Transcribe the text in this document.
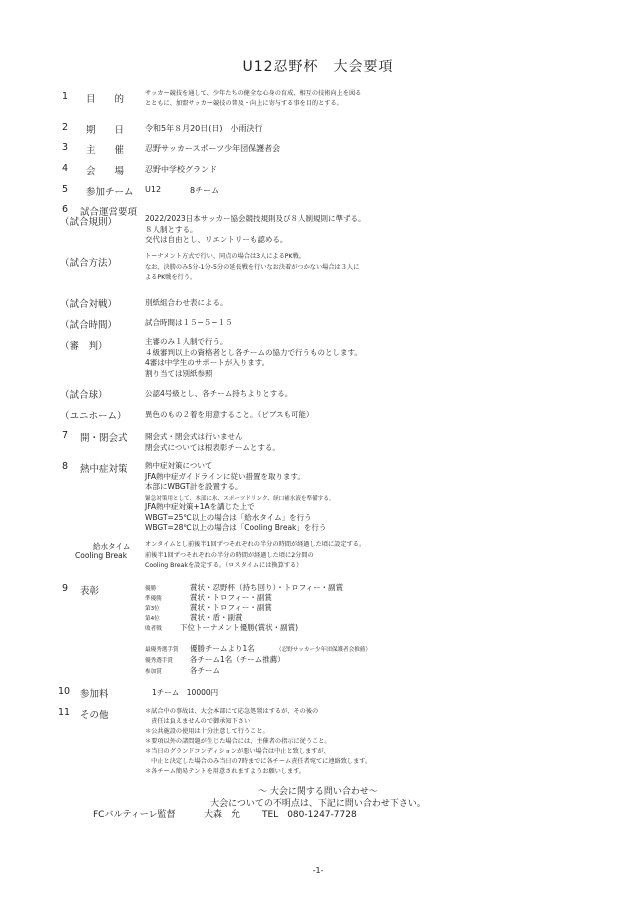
U12忍野杯　大会要項
1 目　　的
サッカー競技を通して、少年たちの健全な心身の育成、相互の技術向上を図る
とともに、加盟サッカー競技の普及・向上に寄与する事を目的とする。
2 期　　日	令和5年８月20日(日)　小雨決行
3 主　　催	忍野サッカースポーツ少年団保護者会
4 会　　場	忍野中学校グランド
5 参加チーム U12	8チーム
6 試合運営要項
（試合規則）	2022/2023日本サッカー協会競技規則及び８人制規則に準ずる。
８人制とする。
交代は自由とし、リエントリーも認める。
（試合方法）
トーナメント方式で行い、同点の場合は3人によるPK戦。
なお、決勝のみ5分-1分-5分の延長戦を行いなお決着がつかない場合は３人に
よるPK戦を行う。
（試合対戦）	別紙組合わせ表による。
（試合時間）	試合時間は１５−５−１５
（審　判）	主審のみ１人制で行う。
４級審判以上の資格者とし各チームの協力で行うものとします。
4審は中学生のサポートが入ります。
割り当ては別紙参照
（試合球）	公認4号級とし、各チーム持ちよりとする。
（ユニホーム） 異色のもの２着を用意すること。（ビブスも可能）
7 開・閉会式 開会式・閉会式は行いません
閉会式については根表彰チームとする。
8 熱中症対策 熱中症対策について
JFA熱中症ガイドラインに従い措置を取ります。
本部にWBGT計を設置する。
緊急対策用として、本部に氷、スポーツドリンク、経口補水液を準備する。
JFA熱中症対策+1Aを講じた上で
WBGT=25℃以上の場合は「給水タイム」を行う
WBGT=28℃以上の場合は「Cooling Break」を行う
給水タイム
Cooling Break
オンタイムとし前後半1回ずつそれぞれの半分の時間が経過した頃に設定する。
前後半1回ずつそれぞれの半分の時間が経過した頃に2分間の
Cooling Breakを設定する。（ロスタイムには換算する）
9 表彰	優勝	賞状・忍野杯（持ち回り）・トロフィー・副賞
準優勝	賞状・トロフィー・副賞
第3位	賞状・トロフィー・副賞
第4位	賞状・盾・副賞
敗者戦 下位トーナメント優勝(賞状・副賞)
最優秀選手賞 優勝チームより1名	（忍野サッカー少年団保護者会推薦）
優秀選手賞 各チーム1名（チーム推薦）
参加賞	各チーム
10 参加料	1チーム　10000円
11 その他	＊試合中の事故は、大会本部にて応急処置はするが、その後の
　責任は負えませんので御承知下さい
＊公共施設の使用は十分注意して行うこと。
＊要項以外の諸問題が生じた場合には、主催者の指示に従うこと。
＊当日のグランドコンディションが悪い場合は中止と致しますが、
　中止と決定した場合のみ当日の7時までに各チーム責任者宛てに連絡致します。
＊各チーム簡易テントを用意されますようお願いします。
～ 大会に関する問い合わせ～
大会についての不明点は、下記に問い合わせ下さい。
FCバルティーレ監督	大森　允 TEL　080-1247-7728
-1-
